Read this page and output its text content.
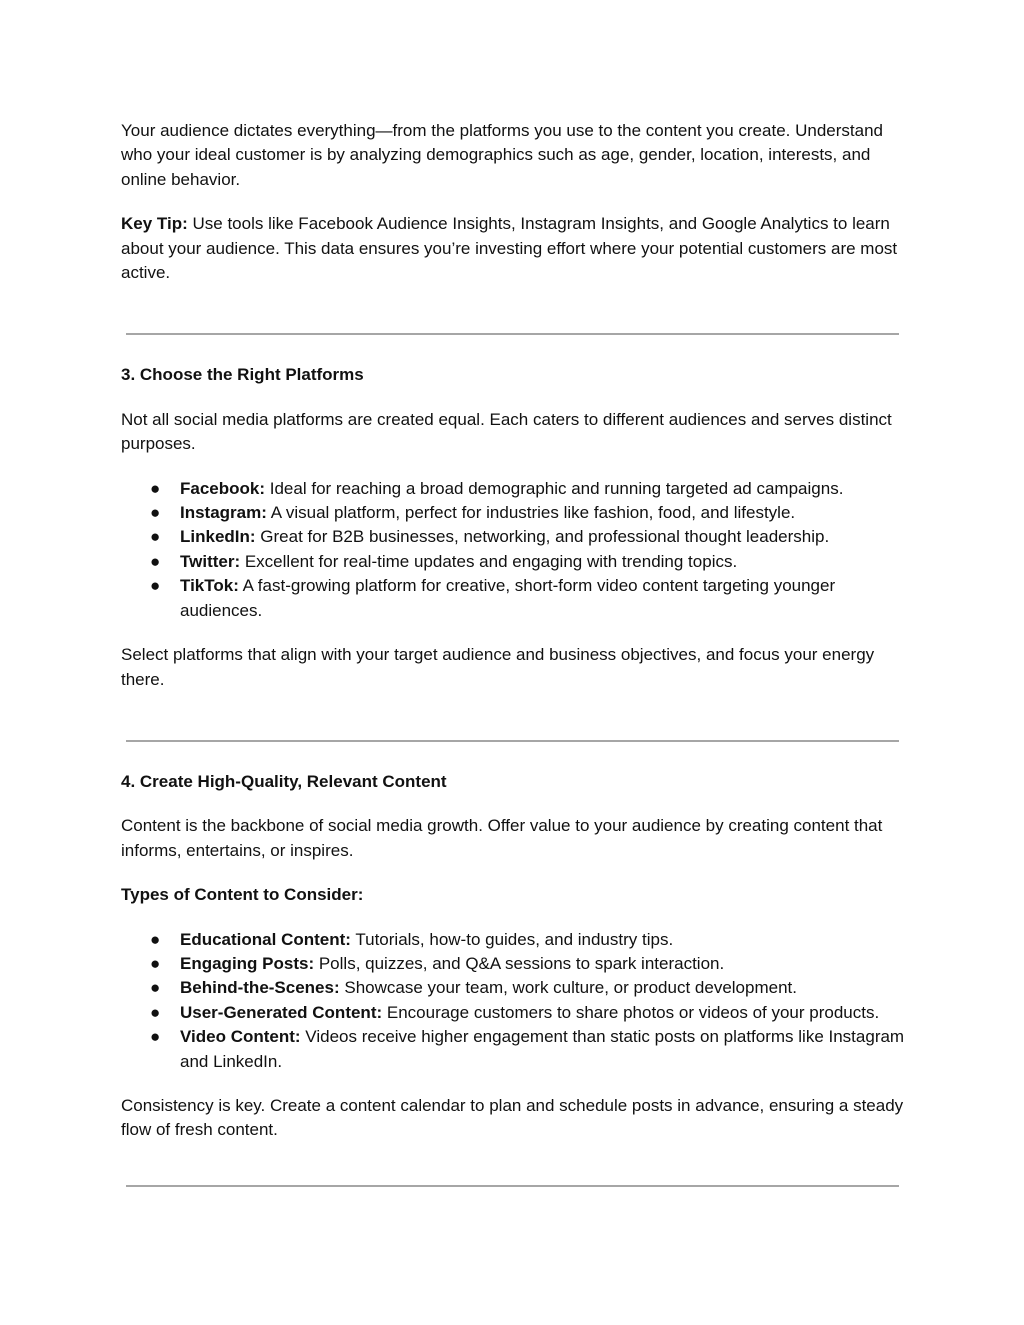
Your audience dictates everything—from the platforms you use to the content you create. Understand who your ideal customer is by analyzing demographics such as age, gender, location, interests, and online behavior.

Key Tip: Use tools like Facebook Audience Insights, Instagram Insights, and Google Analytics to learn about your audience. This data ensures you’re investing effort where your potential customers are most active.

3. Choose the Right Platforms

Not all social media platforms are created equal. Each caters to different audiences and serves distinct purposes.

● Facebook: Ideal for reaching a broad demographic and running targeted ad campaigns.
● Instagram: A visual platform, perfect for industries like fashion, food, and lifestyle.
● LinkedIn: Great for B2B businesses, networking, and professional thought leadership.
● Twitter: Excellent for real-time updates and engaging with trending topics.
● TikTok: A fast-growing platform for creative, short-form video content targeting younger audiences.

Select platforms that align with your target audience and business objectives, and focus your energy there.

4. Create High-Quality, Relevant Content

Content is the backbone of social media growth. Offer value to your audience by creating content that informs, entertains, or inspires.

Types of Content to Consider:

● Educational Content: Tutorials, how-to guides, and industry tips.
● Engaging Posts: Polls, quizzes, and Q&A sessions to spark interaction.
● Behind-the-Scenes: Showcase your team, work culture, or product development.
● User-Generated Content: Encourage customers to share photos or videos of your products.
● Video Content: Videos receive higher engagement than static posts on platforms like Instagram and LinkedIn.

Consistency is key. Create a content calendar to plan and schedule posts in advance, ensuring a steady flow of fresh content.
